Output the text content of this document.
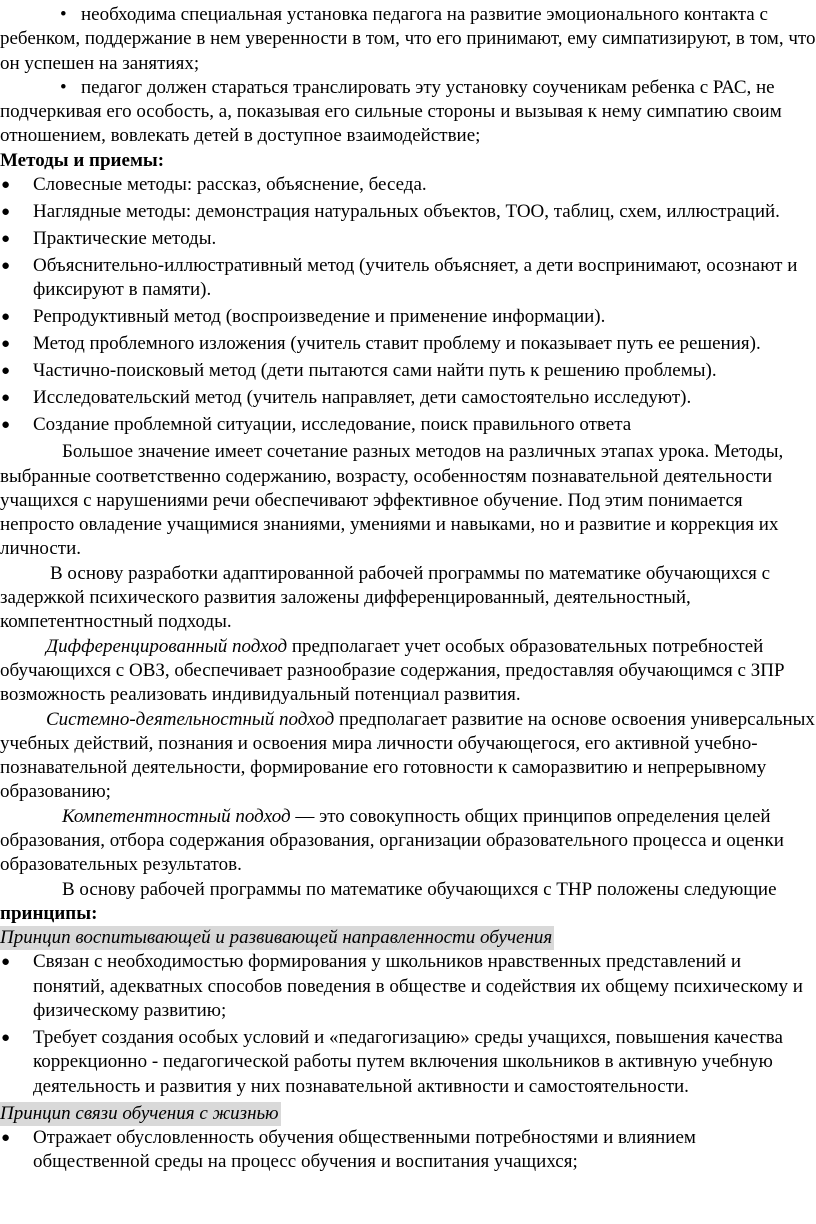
• необходима специальная установка педагога на развитие эмоционального контакта с ребенком, поддержание в нем уверенности в том, что его принимают, ему симпатизируют, в том, что он успешен на занятиях;

• педагог должен стараться транслировать эту установку соученикам ребенка с РАС, не подчеркивая его особость, а, показывая его сильные стороны и вызывая к нему симпатию своим отношением, вовлекать детей в доступное взаимодействие;

Методы и приемы:

● Словесные методы: рассказ, объяснение, беседа.
● Наглядные методы: демонстрация натуральных объектов, ТОО, таблиц, схем, иллюстраций.
● Практические методы.
● Объяснительно-иллюстративный метод (учитель объясняет, а дети воспринимают, осознают и фиксируют в памяти).
● Репродуктивный метод (воспроизведение и применение информации).
● Метод проблемного изложения (учитель ставит проблему и показывает путь ее решения).
● Частично-поисковый метод (дети пытаются сами найти путь к решению проблемы).
● Исследовательский метод (учитель направляет, дети самостоятельно исследуют).
● Создание проблемной ситуации, исследование, поиск правильного ответа

Большое значение имеет сочетание разных методов на различных этапах урока. Методы, выбранные соответственно содержанию, возрасту, особенностям познавательной деятельности учащихся с нарушениями речи обеспечивают эффективное обучение. Под этим понимается непросто овладение учащимися знаниями, умениями и навыками, но и развитие и коррекция их личности.

В основу разработки адаптированной рабочей программы по математике обучающихся с задержкой психического развития заложены дифференцированный, деятельностный, компетентностный подходы.

Дифференцированный подход предполагает учет особых образовательных потребностей обучающихся с ОВЗ, обеспечивает разнообразие содержания, предоставляя обучающимся с ЗПР возможность реализовать индивидуальный потенциал развития.

Системно-деятельностный подход предполагает развитие на основе освоения универсальных учебных действий, познания и освоения мира личности обучающегося, его активной учебно-познавательной деятельности, формирование его готовности к саморазвитию и непрерывному образованию;

Компетентностный подход — это совокупность общих принципов определения целей образования, отбора содержания образования, организации образовательного процесса и оценки образовательных результатов.

В основу рабочей программы по математике обучающихся с ТНР положены следующие принципы:

Принцип воспитывающей и развивающей направленности обучения

● Связан с необходимостью формирования у школьников нравственных представлений и понятий, адекватных способов поведения в обществе и содействия их общему психическому и физическому развитию;
● Требует создания особых условий и «педагогизацию» среды учащихся, повышения качества коррекционно - педагогической работы путем включения школьников в активную учебную деятельность и развития у них познавательной активности и самостоятельности.

Принцип связи обучения с жизнью

● Отражает обусловленность обучения общественными потребностями и влиянием общественной среды на процесс обучения и воспитания учащихся;
